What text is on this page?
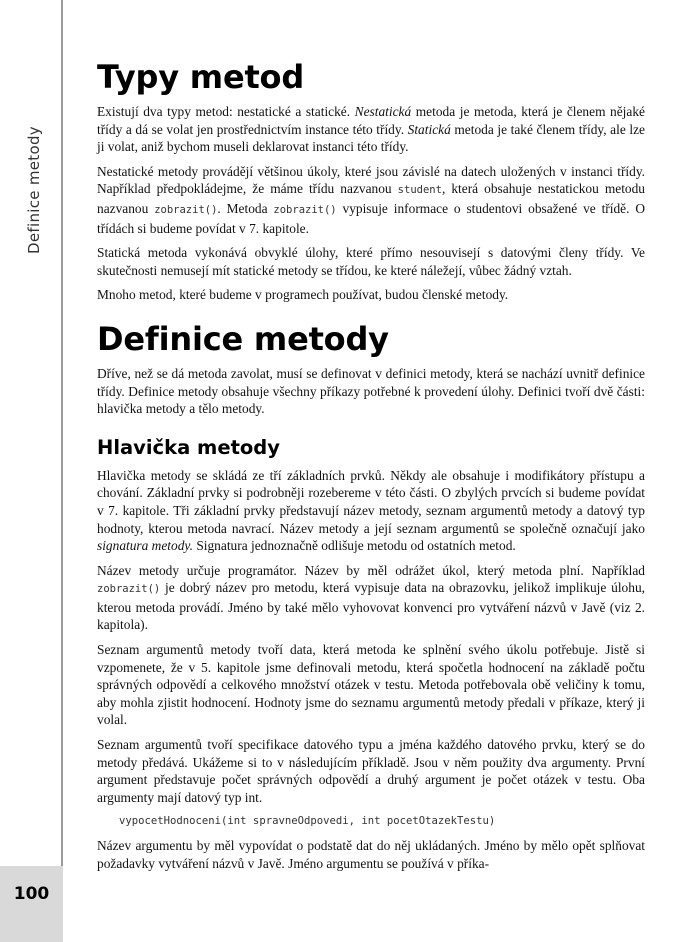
Definice metody
100
Typy metod

Existují dva typy metod: nestatické a statické. Nestatická metoda je metoda, která je členem nějaké třídy a dá se volat jen prostřednictvím instance této třídy. Statická metoda je také členem třídy, ale lze ji volat, aniž bychom museli deklarovat instanci této třídy.

Nestatické metody provádějí většinou úkoly, které jsou závislé na datech uložených v instanci třídy. Například předpokládejme, že máme třídu nazvanou student, která obsahuje nestatickou metodu nazvanou zobrazit(). Metoda zobrazit() vypisuje informace o studentovi obsažené ve třídě. O třídách si budeme povídat v 7. kapitole.

Statická metoda vykonává obvyklé úlohy, které přímo nesouvisejí s datovými členy třídy. Ve skutečnosti nemusejí mít statické metody se třídou, ke které náležejí, vůbec žádný vztah.

Mnoho metod, které budeme v programech používat, budou členské metody.

Definice metody

Dříve, než se dá metoda zavolat, musí se definovat v definici metody, která se nachází uvnitř definice třídy. Definice metody obsahuje všechny příkazy potřebné k provedení úlohy. Definici tvoří dvě části: hlavička metody a tělo metody.

Hlavička metody

Hlavička metody se skládá ze tří základních prvků. Někdy ale obsahuje i modifikátory přístupu a chování. Základní prvky si podrobněji rozebereme v této části. O zbylých prvcích si budeme povídat v 7. kapitole. Tři základní prvky představují název metody, seznam argumentů metody a datový typ hodnoty, kterou metoda navrací. Název metody a její seznam argumentů se společně označují jako signatura metody. Signatura jednoznačně odlišuje metodu od ostatních metod.

Název metody určuje programátor. Název by měl odrážet úkol, který metoda plní. Například zobrazit() je dobrý název pro metodu, která vypisuje data na obrazovku, jelikož implikuje úlohu, kterou metoda provádí. Jméno by také mělo vyhovovat konvenci pro vytváření názvů v Javě (viz 2. kapitola).

Seznam argumentů metody tvoří data, která metoda ke splnění svého úkolu potřebuje. Jistě si vzpomenete, že v 5. kapitole jsme definovali metodu, která spočetla hodnocení na základě počtu správných odpovědí a celkového množství otázek v testu. Metoda potřebovala obě veličiny k tomu, aby mohla zjistit hodnocení. Hodnoty jsme do seznamu argumentů metody předali v příkaze, který ji volal.

Seznam argumentů tvoří specifikace datového typu a jména každého datového prvku, který se do metody předává. Ukážeme si to v následujícím příkladě. Jsou v něm použity dva argumenty. První argument představuje počet správných odpovědí a druhý argument je počet otázek v testu. Oba argumenty mají datový typ int.

vypocetHodnoceni(int spravneOdpovedi, int pocetOtazekTestu)

Název argumentu by měl vypovídat o podstatě dat do něj ukládaných. Jméno by mělo opět splňovat požadavky vytváření názvů v Javě. Jméno argumentu se používá v příka-
